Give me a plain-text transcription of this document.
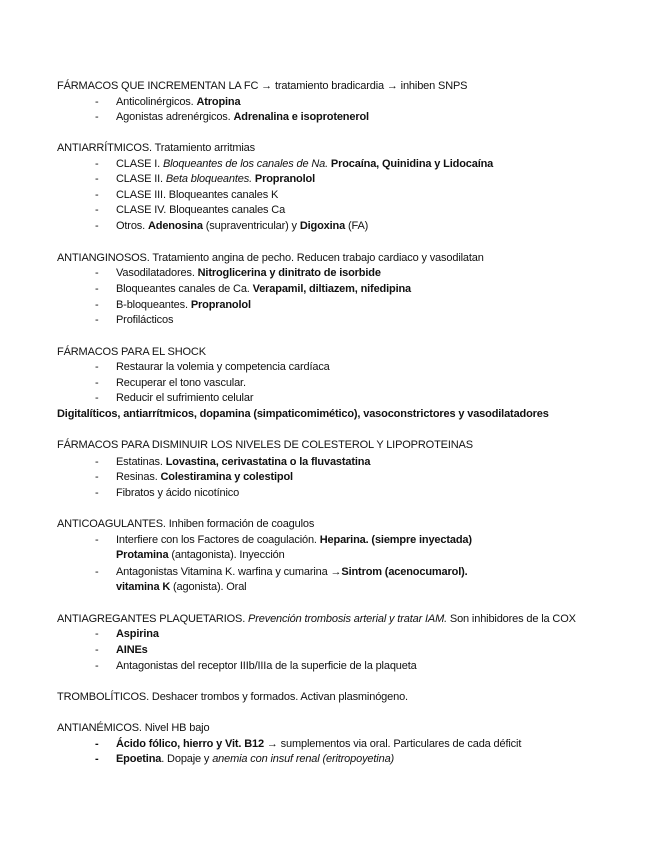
FÁRMACOS QUE INCREMENTAN LA FC → tratamiento bradicardia → inhiben SNPS
- Anticolinérgicos. Atropina
- Agonistas adrenérgicos. Adrenalina e isoprotenerol
ANTIARRÍTMICOS. Tratamiento arritmias
- CLASE I. Bloqueantes de los canales de Na. Procaína, Quinidina y Lidocaína
- CLASE II. Beta bloqueantes. Propranolol
- CLASE III. Bloqueantes canales K
- CLASE IV. Bloqueantes canales Ca
- Otros. Adenosina (supraventricular) y Digoxina (FA)
ANTIANGINOSOS. Tratamiento angina de pecho. Reducen trabajo cardiaco y vasodilatan
- Vasodilatadores. Nitroglicerina y dinitrato de isorbide
- Bloqueantes canales de Ca. Verapamil, diltiazem, nifedipina
- B-bloqueantes. Propranolol
- Profilácticos
FÁRMACOS PARA EL SHOCK
- Restaurar la volemia y competencia cardíaca
- Recuperar el tono vascular.
- Reducir el sufrimiento celular
Digitalíticos, antiarrítmicos, dopamina (simpaticomimético), vasoconstrictores y vasodilatadores
FÁRMACOS PARA DISMINUIR LOS NIVELES DE COLESTEROL Y LIPOPROTEINAS
- Estatinas. Lovastina, cerivastatina o la fluvastatina
- Resinas. Colestiramina y colestipol
- Fibratos y ácido nicotínico
ANTICOAGULANTES. Inhiben formación de coagulos
- Interfiere con los Factores de coagulación. Heparina. (siempre inyectada)
Protamina (antagonista). Inyección
- Antagonistas Vitamina K. warfina y cumarina →Sintrom (acenocumarol).
vitamina K (agonista). Oral
ANTIAGREGANTES PLAQUETARIOS. Prevención trombosis arterial y tratar IAM. Son inhibidores de la COX
- Aspirina
- AINEs
- Antagonistas del receptor IIIb/IIIa de la superficie de la plaqueta
TROMBOLÍTICOS. Deshacer trombos y formados. Activan plasminógeno.
ANTIANÉMICOS. Nivel HB bajo
- Ácido fólico, hierro y Vit. B12 → sumplementos via oral. Particulares de cada déficit
- Epoetina. Dopaje y anemia con insuf renal (eritropoyetina)
